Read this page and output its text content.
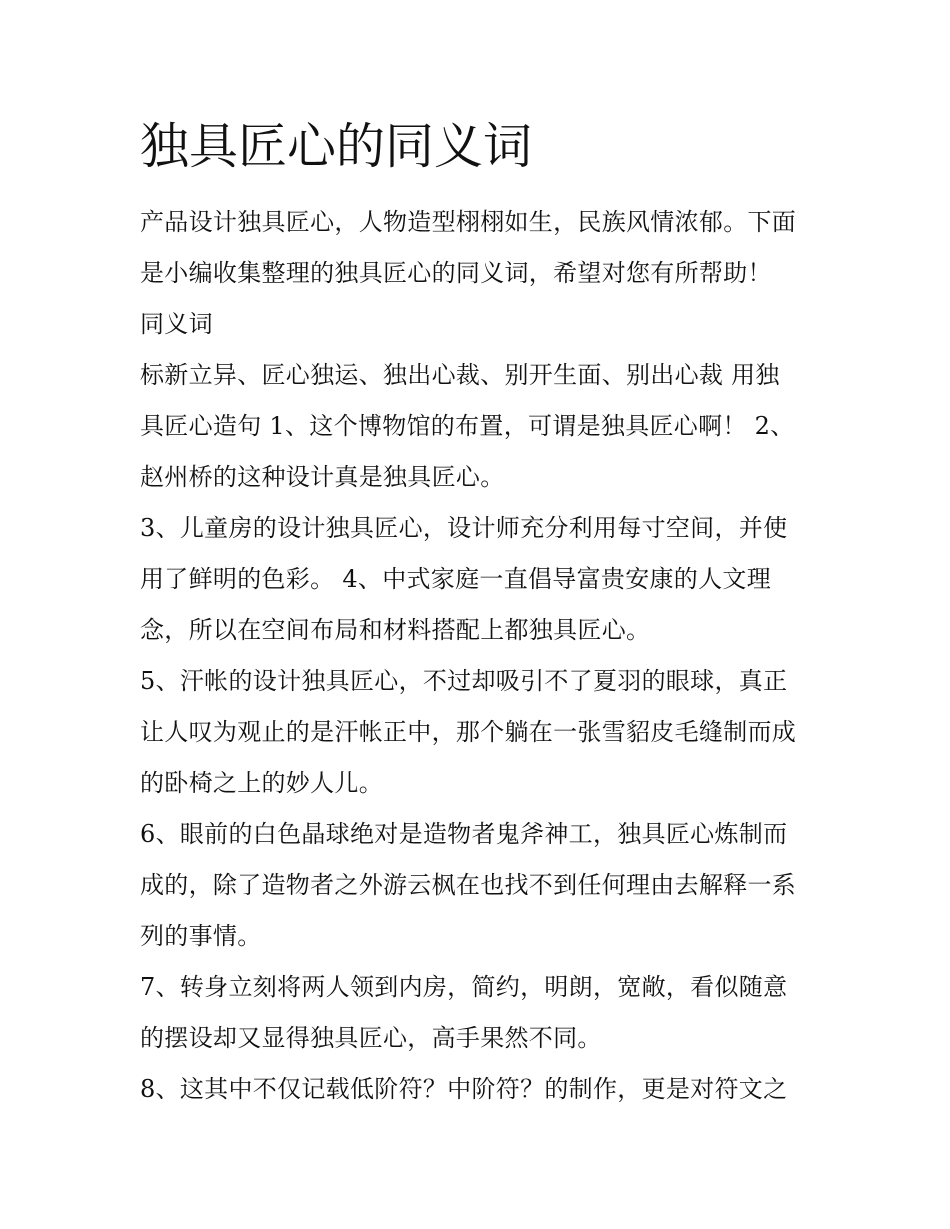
独具匠心的同义词

产品设计独具匠心，人物造型栩栩如生，民族风情浓郁。下面
是小编收集整理的独具匠心的同义词，希望对您有所帮助！

同义词

标新立异、匠心独运、独出心裁、别开生面、别出心裁 用独
具匠心造句 1、这个博物馆的布置，可谓是独具匠心啊！ 2、
赵州桥的这种设计真是独具匠心。

3、儿童房的设计独具匠心，设计师充分利用每寸空间，并使
用了鲜明的色彩。 4、中式家庭一直倡导富贵安康的人文理
念，所以在空间布局和材料搭配上都独具匠心。

5、汗帐的设计独具匠心，不过却吸引不了夏羽的眼球，真正
让人叹为观止的是汗帐正中，那个躺在一张雪貂皮毛缝制而成
的卧椅之上的妙人儿。

6、眼前的白色晶球绝对是造物者鬼斧神工，独具匠心炼制而
成的，除了造物者之外游云枫在也找不到任何理由去解释一系
列的事情。

7、转身立刻将两人领到内房，简约，明朗，宽敞，看似随意
的摆设却又显得独具匠心，高手果然不同。

8、这其中不仅记载低阶符？中阶符？的制作，更是对符文之
